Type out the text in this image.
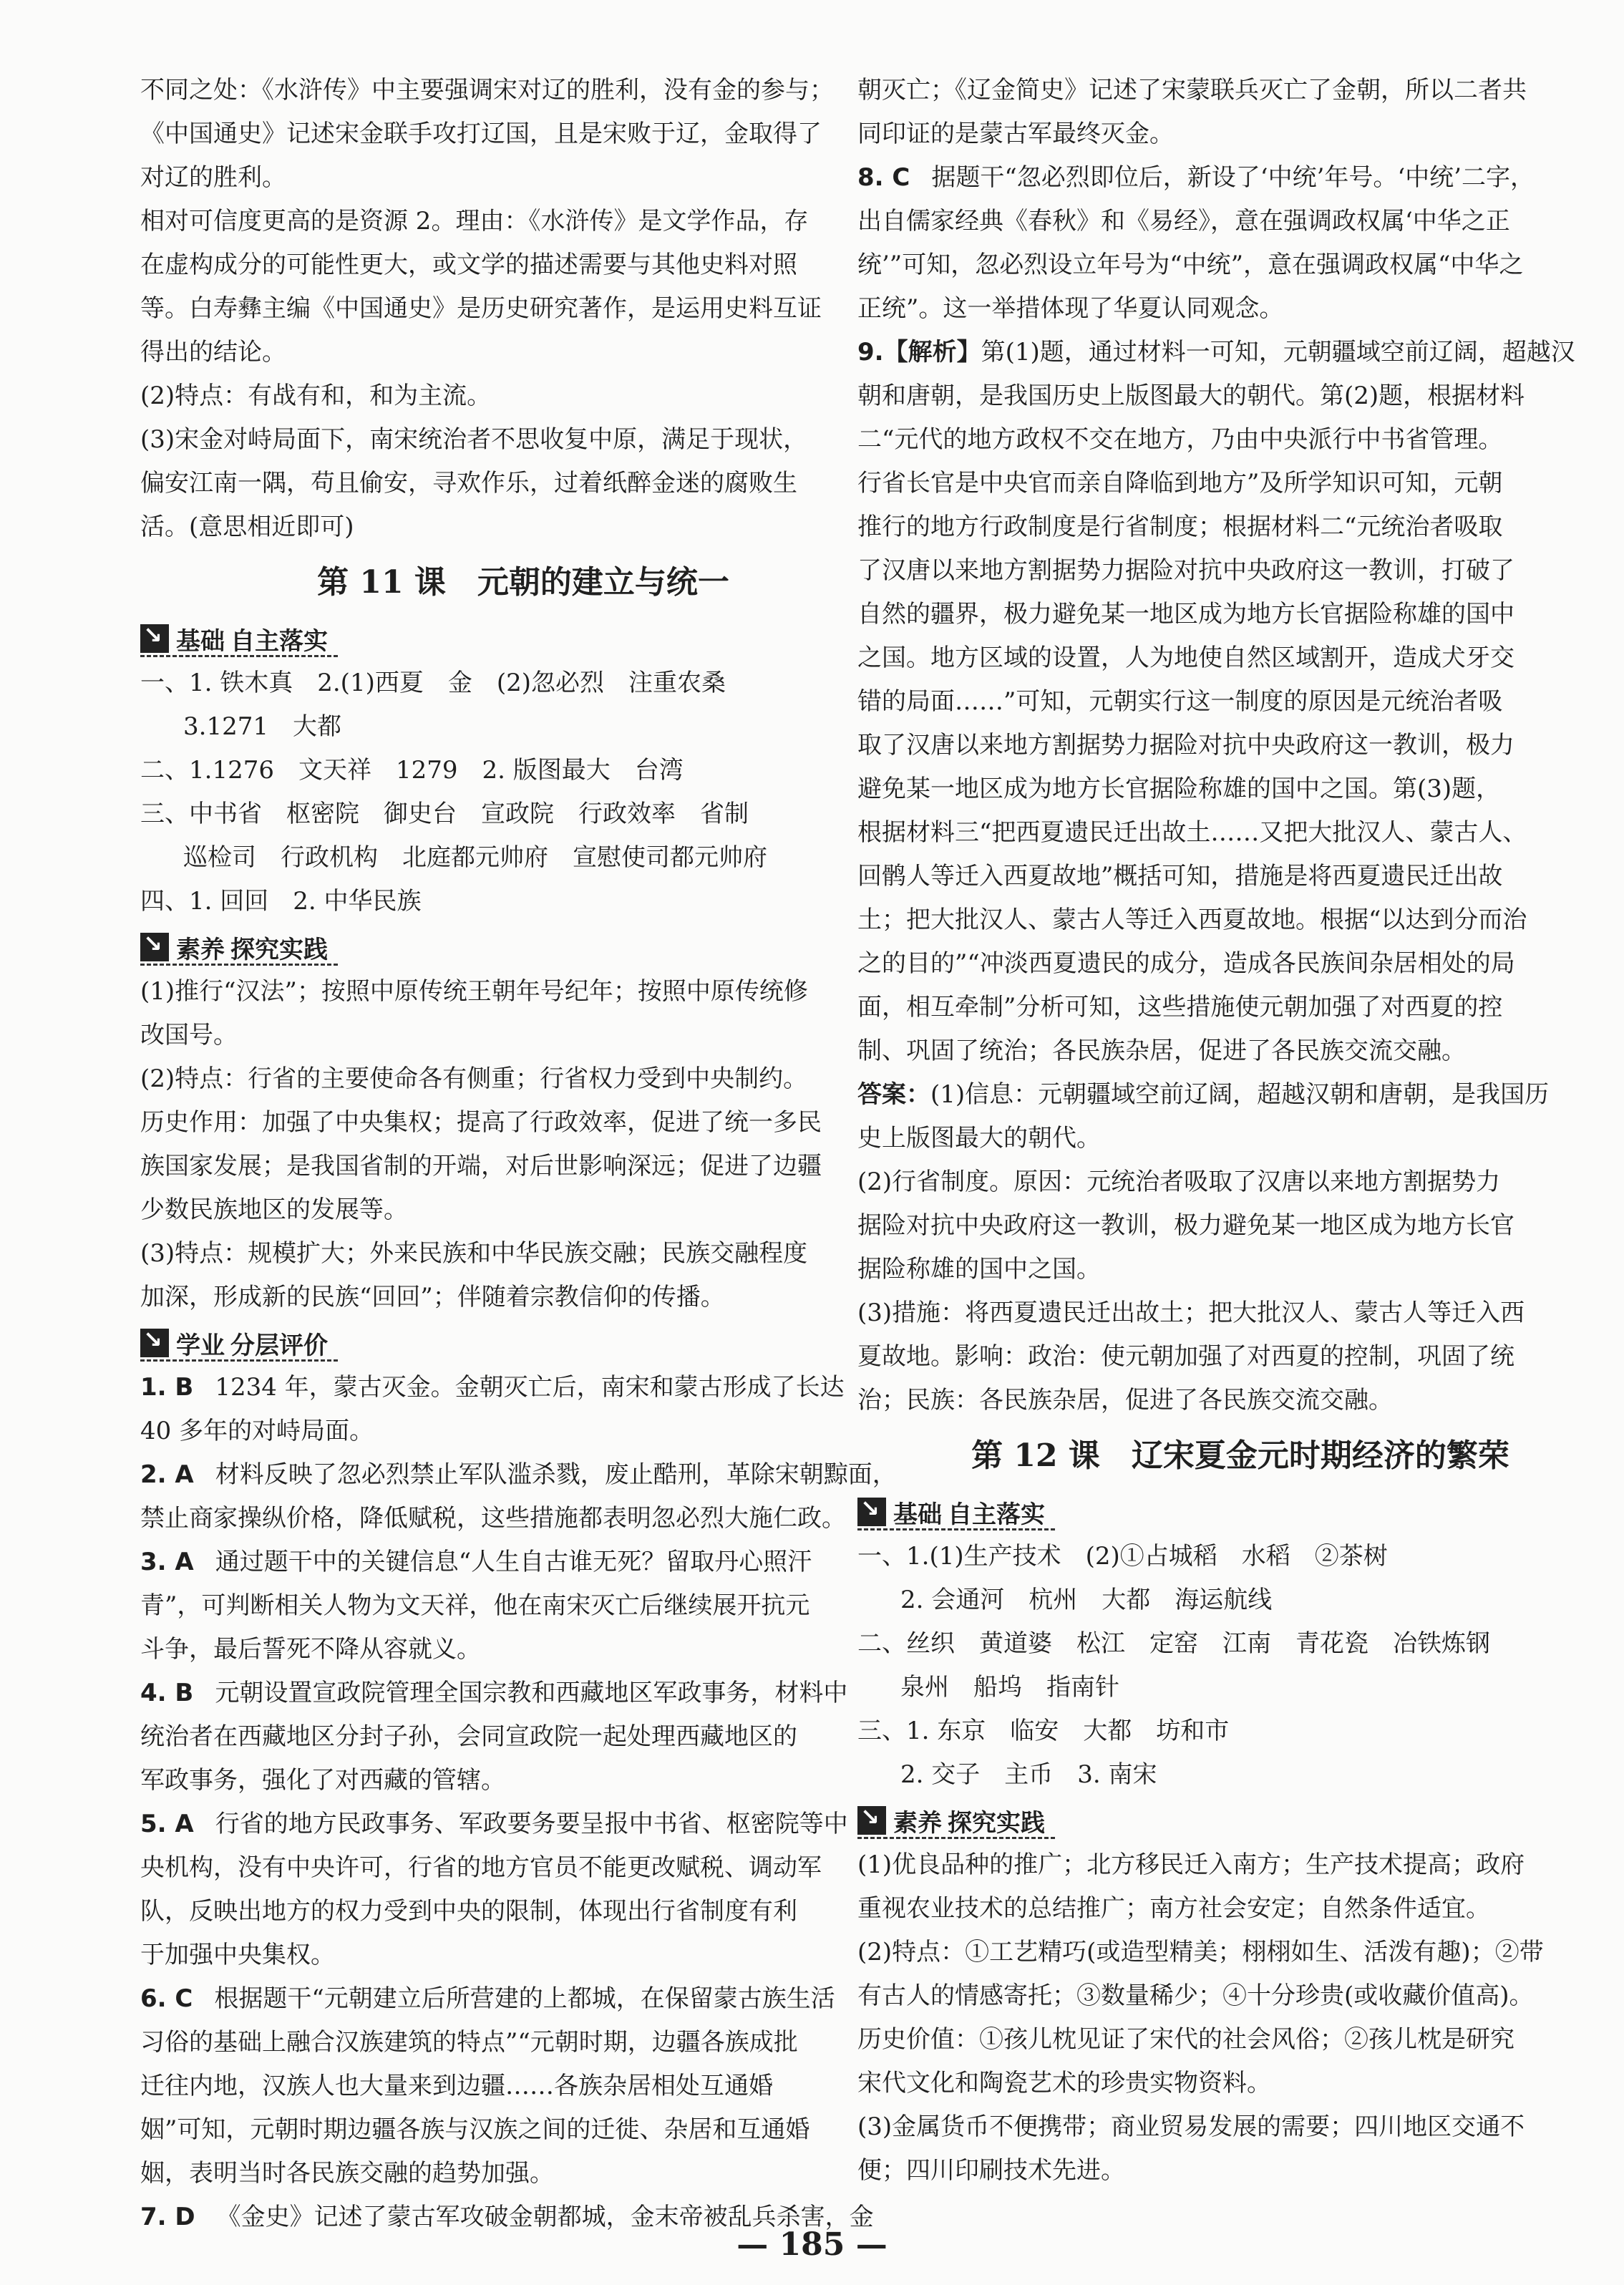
不同之处：《水浒传》中主要强调宋对辽的胜利，没有金的参与；

《中国通史》记述宋金联手攻打辽国，且是宋败于辽，金取得了

对辽的胜利。

相对可信度更高的是资源 2。理由：《水浒传》是文学作品，存

在虚构成分的可能性更大，或文学的描述需要与其他史料对照

等。白寿彝主编《中国通史》是历史研究著作，是运用史料互证

得出的结论。

(2)特点：有战有和，和为主流。

(3)宋金对峙局面下，南宋统治者不思收复中原，满足于现状，

偏安江南一隅，苟且偷安，寻欢作乐，过着纸醉金迷的腐败生

活。(意思相近即可)

第 11 课　元朝的建立与统一
↘
基础 自主落实

一、1. 铁木真　2.(1)西夏　金　(2)忽必烈　注重农桑

3.1271　大都

二、1.1276　文天祥　1279　2. 版图最大　台湾

三、中书省　枢密院　御史台　宣政院　行政效率　省制

巡检司　行政机构　北庭都元帅府　宣慰使司都元帅府

四、1. 回回　2. 中华民族

↘
素养 探究实践

(1)推行“汉法”；按照中原传统王朝年号纪年；按照中原传统修

改国号。

(2)特点：行省的主要使命各有侧重；行省权力受到中央制约。

历史作用：加强了中央集权；提高了行政效率，促进了统一多民

族国家发展；是我国省制的开端，对后世影响深远；促进了边疆

少数民族地区的发展等。

(3)特点：规模扩大；外来民族和中华民族交融；民族交融程度

加深，形成新的民族“回回”；伴随着宗教信仰的传播。

↘
学业 分层评价

1. B 1234 年，蒙古灭金。金朝灭亡后，南宋和蒙古形成了长达

40 多年的对峙局面。

2. A 材料反映了忽必烈禁止军队滥杀戮，废止酷刑，革除宋朝黥面，

禁止商家操纵价格，降低赋税，这些措施都表明忽必烈大施仁政。

3. A 通过题干中的关键信息“人生自古谁无死？留取丹心照汗

青”，可判断相关人物为文天祥，他在南宋灭亡后继续展开抗元

斗争，最后誓死不降从容就义。

4. B 元朝设置宣政院管理全国宗教和西藏地区军政事务，材料中

统治者在西藏地区分封子孙，会同宣政院一起处理西藏地区的

军政事务，强化了对西藏的管辖。

5. A 行省的地方民政事务、军政要务要呈报中书省、枢密院等中

央机构，没有中央许可，行省的地方官员不能更改赋税、调动军

队，反映出地方的权力受到中央的限制，体现出行省制度有利

于加强中央集权。

6. C 根据题干“元朝建立后所营建的上都城，在保留蒙古族生活

习俗的基础上融合汉族建筑的特点”“元朝时期，边疆各族成批

迁往内地，汉族人也大量来到边疆……各族杂居相处互通婚

姻”可知，元朝时期边疆各族与汉族之间的迁徙、杂居和互通婚

姻，表明当时各民族交融的趋势加强。

7. D 《金史》记述了蒙古军攻破金朝都城，金末帝被乱兵杀害，金

朝灭亡；《辽金简史》记述了宋蒙联兵灭亡了金朝，所以二者共

同印证的是蒙古军最终灭金。

8. C 据题干“忽必烈即位后，新设了‘中统’年号。‘中统’二字，

出自儒家经典《春秋》和《易经》，意在强调政权属‘中华之正

统’”可知，忽必烈设立年号为“中统”，意在强调政权属“中华之

正统”。这一举措体现了华夏认同观念。

9.【解析】第(1)题，通过材料一可知，元朝疆域空前辽阔，超越汉

朝和唐朝，是我国历史上版图最大的朝代。第(2)题，根据材料

二“元代的地方政权不交在地方，乃由中央派行中书省管理。

行省长官是中央官而亲自降临到地方”及所学知识可知，元朝

推行的地方行政制度是行省制度；根据材料二“元统治者吸取

了汉唐以来地方割据势力据险对抗中央政府这一教训，打破了

自然的疆界，极力避免某一地区成为地方长官据险称雄的国中

之国。地方区域的设置，人为地使自然区域割开，造成犬牙交

错的局面……”可知，元朝实行这一制度的原因是元统治者吸

取了汉唐以来地方割据势力据险对抗中央政府这一教训，极力

避免某一地区成为地方长官据险称雄的国中之国。第(3)题，

根据材料三“把西夏遗民迁出故土……又把大批汉人、蒙古人、

回鹘人等迁入西夏故地”概括可知，措施是将西夏遗民迁出故

土；把大批汉人、蒙古人等迁入西夏故地。根据“以达到分而治

之的目的”“冲淡西夏遗民的成分，造成各民族间杂居相处的局

面，相互牵制”分析可知，这些措施使元朝加强了对西夏的控

制、巩固了统治；各民族杂居，促进了各民族交流交融。

答案：(1)信息：元朝疆域空前辽阔，超越汉朝和唐朝，是我国历

史上版图最大的朝代。

(2)行省制度。原因：元统治者吸取了汉唐以来地方割据势力

据险对抗中央政府这一教训，极力避免某一地区成为地方长官

据险称雄的国中之国。

(3)措施：将西夏遗民迁出故土；把大批汉人、蒙古人等迁入西

夏故地。影响：政治：使元朝加强了对西夏的控制，巩固了统

治；民族：各民族杂居，促进了各民族交流交融。

第 12 课　辽宋夏金元时期经济的繁荣
↘
基础 自主落实

一、1.(1)生产技术　(2)①占城稻　水稻　②茶树

2. 会通河　杭州　大都　海运航线

二、丝织　黄道婆　松江　定窑　江南　青花瓷　冶铁炼钢

泉州　船坞　指南针

三、1. 东京　临安　大都　坊和市

2. 交子　主币　3. 南宋

↘
素养 探究实践

(1)优良品种的推广；北方移民迁入南方；生产技术提高；政府

重视农业技术的总结推广；南方社会安定；自然条件适宜。

(2)特点：①工艺精巧(或造型精美；栩栩如生、活泼有趣)；②带

有古人的情感寄托；③数量稀少；④十分珍贵(或收藏价值高)。

历史价值：①孩儿枕见证了宋代的社会风俗；②孩儿枕是研究

宋代文化和陶瓷艺术的珍贵实物资料。

(3)金属货币不便携带；商业贸易发展的需要；四川地区交通不

便；四川印刷技术先进。

— 185 —
